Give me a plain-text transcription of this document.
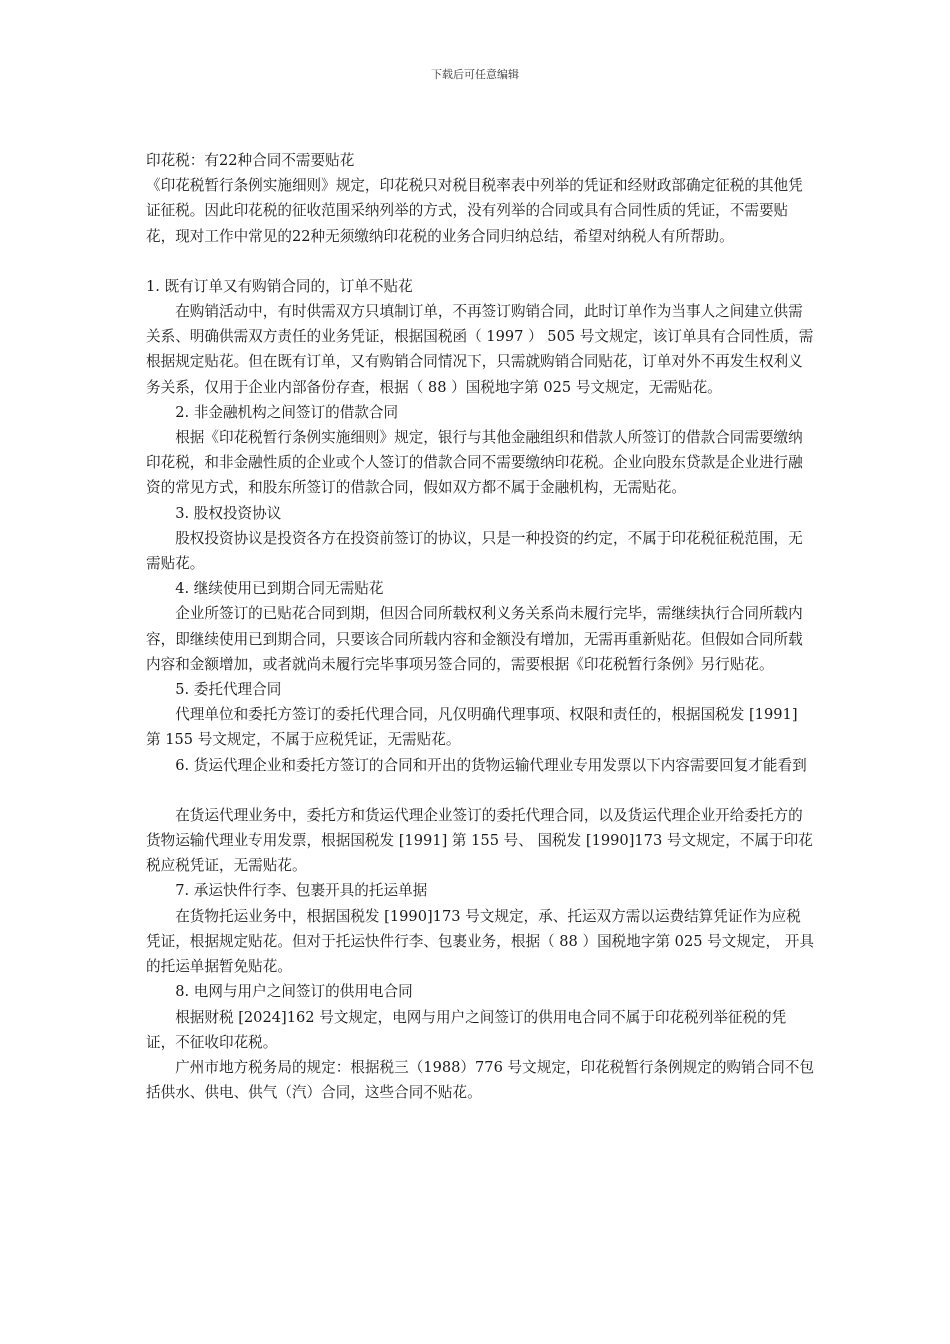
下载后可任意编辑

印花税：有22种合同不需要贴花

《印花税暂行条例实施细则》规定，印花税只对税目税率表中列举的凭证和经财政部确定征税的其他凭证征税。因此印花税的征收范围采纳列举的方式，没有列举的合同或具有合同性质的凭证，不需要贴花，现对工作中常见的22种无须缴纳印花税的业务合同归纳总结，希望对纳税人有所帮助。

1. 既有订单又有购销合同的，订单不贴花

在购销活动中，有时供需双方只填制订单，不再签订购销合同，此时订单作为当事人之间建立供需关系、明确供需双方责任的业务凭证，根据国税函（ 1997 ） 505 号文规定，该订单具有合同性质，需根据规定贴花。但在既有订单，又有购销合同情况下，只需就购销合同贴花，订单对外不再发生权利义务关系，仅用于企业内部备份存查，根据（ 88 ）国税地字第 025 号文规定，无需贴花。

2. 非金融机构之间签订的借款合同

根据《印花税暂行条例实施细则》规定，银行与其他金融组织和借款人所签订的借款合同需要缴纳印花税，和非金融性质的企业或个人签订的借款合同不需要缴纳印花税。企业向股东贷款是企业进行融资的常见方式，和股东所签订的借款合同，假如双方都不属于金融机构，无需贴花。

3. 股权投资协议

股权投资协议是投资各方在投资前签订的协议，只是一种投资的约定，不属于印花税征税范围，无需贴花。

4. 继续使用已到期合同无需贴花

企业所签订的已贴花合同到期，但因合同所载权利义务关系尚未履行完毕，需继续执行合同所载内容，即继续使用已到期合同，只要该合同所载内容和金额没有增加，无需再重新贴花。但假如合同所载内容和金额增加，或者就尚未履行完毕事项另签合同的，需要根据《印花税暂行条例》另行贴花。

5. 委托代理合同

代理单位和委托方签订的委托代理合同，凡仅明确代理事项、权限和责任的，根据国税发 [1991] 第 155 号文规定，不属于应税凭证，无需贴花。

6. 货运代理企业和委托方签订的合同和开出的货物运输代理业专用发票以下内容需要回复才能看到

在货运代理业务中，委托方和货运代理企业签订的委托代理合同，以及货运代理企业开给委托方的货物运输代理业专用发票，根据国税发 [1991] 第 155 号、 国税发 [1990]173 号文规定，不属于印花税应税凭证，无需贴花。

7. 承运快件行李、包裹开具的托运单据

在货物托运业务中，根据国税发 [1990]173 号文规定，承、托运双方需以运费结算凭证作为应税凭证，根据规定贴花。但对于托运快件行李、包裹业务，根据（ 88 ）国税地字第 025 号文规定， 开具的托运单据暂免贴花。

8. 电网与用户之间签订的供用电合同

根据财税 [2024]162 号文规定，电网与用户之间签订的供用电合同不属于印花税列举征税的凭证，不征收印花税。

广州市地方税务局的规定：根据税三（1988）776 号文规定，印花税暂行条例规定的购销合同不包括供水、供电、供气（汽）合同，这些合同不贴花。
